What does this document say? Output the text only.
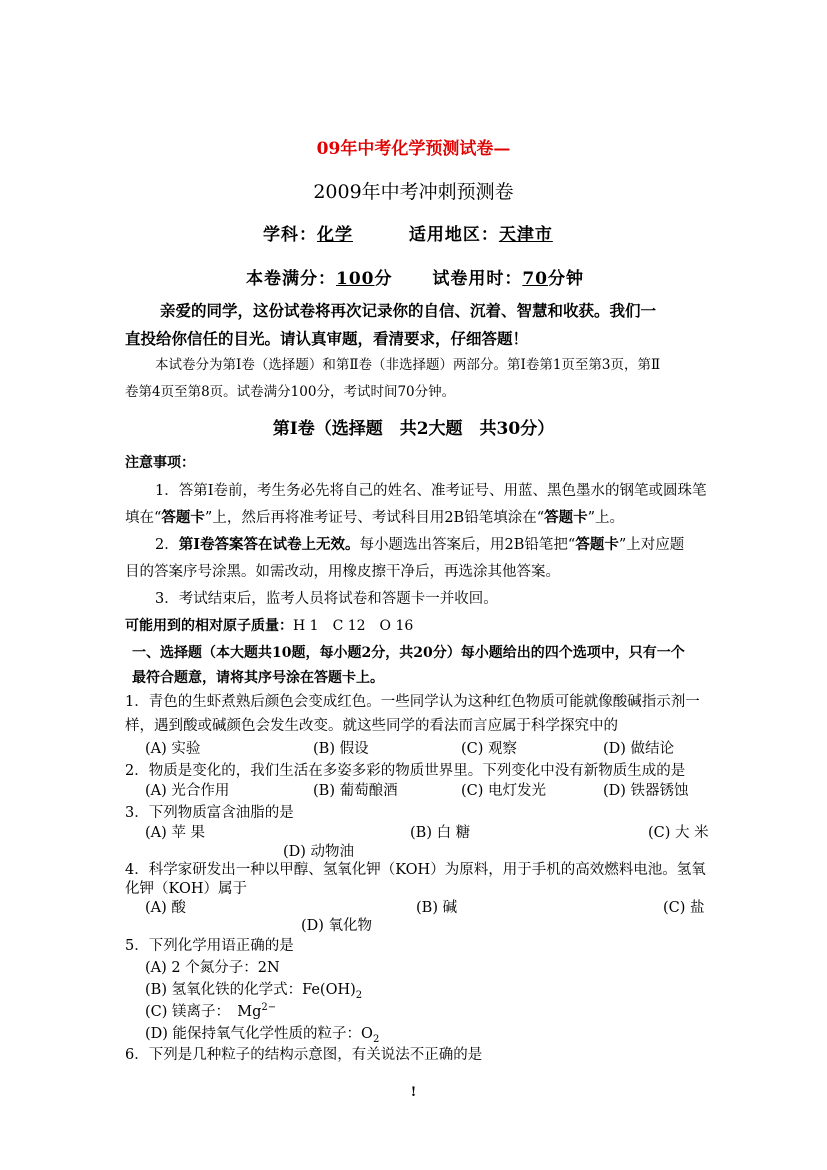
09年中考化学预测试卷—
2009年中考冲刺预测卷
学科：化学	适用地区：天津市
本卷满分：100分 试卷用时：70分钟
亲爱的同学，这份试卷将再次记录你的自信、沉着、智慧和收获。我们一
直投给你信任的目光。请认真审题，看清要求，仔细答题！
本试卷分为第Ⅰ卷（选择题）和第Ⅱ卷（非选择题）两部分。第Ⅰ卷第1页至第3页，第Ⅱ
卷第4页至第8页。试卷满分100分，考试时间70分钟。
第Ⅰ卷（选择题　共2大题　共30分）
注意事项：
1．答第Ⅰ卷前，考生务必先将自己的姓名、准考证号、用蓝、黑色墨水的钢笔或圆珠笔
填在“答题卡”上，然后再将准考证号、考试科目用2B铅笔填涂在“答题卡”上。
2．第Ⅰ卷答案答在试卷上无效。每小题选出答案后，用2B铅笔把“答题卡”上对应题
目的答案序号涂黑。如需改动，用橡皮擦干净后，再选涂其他答案。
3．考试结束后，监考人员将试卷和答题卡一并收回。
可能用到的相对原子质量：H 1　C 12　O 16
一、选择题（本大题共10题，每小题2分，共20分）每小题给出的四个选项中，只有一个
最符合题意，请将其序号涂在答题卡上。
1．青色的生虾煮熟后颜色会变成红色。一些同学认为这种红色物质可能就像酸碱指示剂一
样，遇到酸或碱颜色会发生改变。就这些同学的看法而言应属于科学探究中的
(A) 实验	(B) 假设	(C) 观察	(D) 做结论
2．物质是变化的，我们生活在多姿多彩的物质世界里。下列变化中没有新物质生成的是
(A) 光合作用	(B) 葡萄酿酒	(C) 电灯发光	(D) 铁器锈蚀
3．下列物质富含油脂的是
(A) 苹 果	(B) 白 糖	(C) 大 米
(D) 动物油
4．科学家研发出一种以甲醇、氢氧化钾（KOH）为原料，用于手机的高效燃料电池。氢氧
化钾（KOH）属于
(A) 酸	(B) 碱	(C) 盐
(D) 氧化物
5．下列化学用语正确的是
(A) 2 个氮分子：2N
(B) 氢氧化铁的化学式：$Fe(OH)_2$
(C) 镁离子：　$Mg^{2-}$
(D) 能保持氧气化学性质的粒子：$O_2$
6．下列是几种粒子的结构示意图，有关说法不正确的是
!
